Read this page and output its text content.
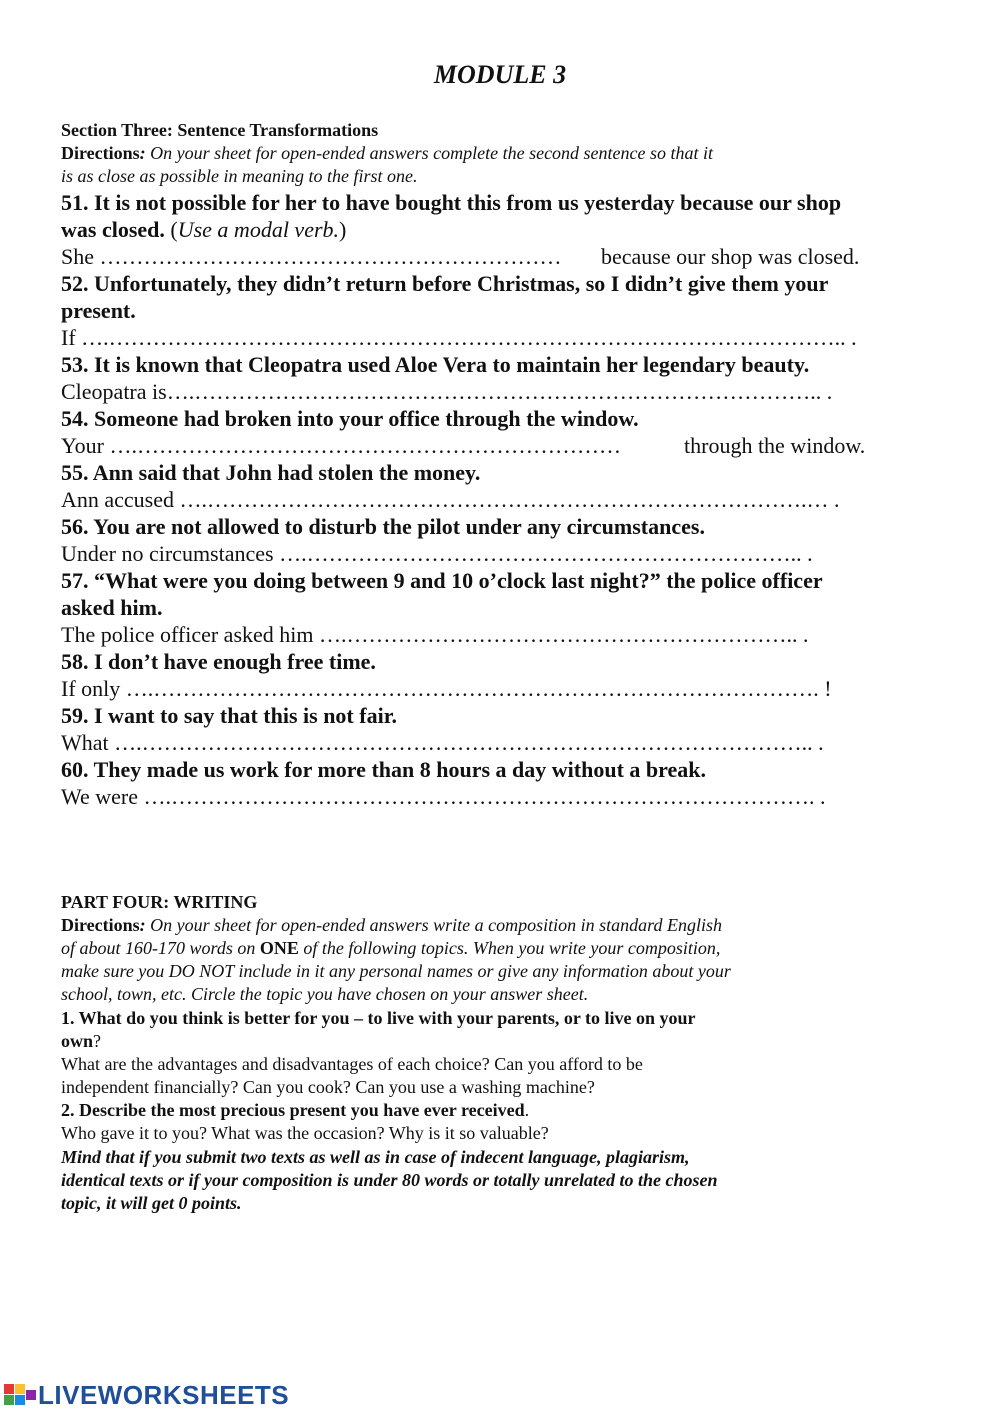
MODULE 3
Section Three: Sentence Transformations
Directions: On your sheet for open-ended answers complete the second sentence so that it
is as close as possible in meaning to the first one.
51. It is not possible for her to have bought this from us yesterday because our shop
was closed. (Use a modal verb.)
She ……………………………………………………… because our shop was closed.
52. Unfortunately, they didn’t return before Christmas, so I didn’t give them your
present.
If ….……………………………………………………………………………………….. .
53. It is known that Cleopatra used Aloe Vera to maintain her legendary beauty.
Cleopatra is….………………………………………………………………………….. .
54. Someone had broken into your office through the window.
Your ….…………………………………………………………	through the window.
55. Ann said that John had stolen the money.
Ann accused ….……………………………………………………………………….… .
56. You are not allowed to disturb the pilot under any circumstances.
Under no circumstances ….………………………………………………………….. .
57. “What were you doing between 9 and 10 o’clock last night?” the police officer
asked him.
The police officer asked him ….…………………………………………………….. .
58. I don’t have enough free time.
If only ….………………………………………………………………………………. !
59. I want to say that this is not fair.
What ….……………………………………………………………………………….. .
60. They made us work for more than 8 hours a day without a break.
We were ….……………………………………………………………………………. .
PART FOUR: WRITING
Directions: On your sheet for open-ended answers write a composition in standard English
of about 160-170 words on ONE of the following topics. When you write your composition,
make sure you DO NOT include in it any personal names or give any information about your
school, town, etc. Circle the topic you have chosen on your answer sheet.
1. What do you think is better for you – to live with your parents, or to live on your
own?
What are the advantages and disadvantages of each choice? Can you afford to be
independent financially? Can you cook? Can you use a washing machine?
2. Describe the most precious present you have ever received.
Who gave it to you? What was the occasion? Why is it so valuable?
Mind that if you submit two texts as well as in case of indecent language, plagiarism,
identical texts or if your composition is under 80 words or totally unrelated to the chosen
topic, it will get 0 points.
LIVEWORKSHEETS
